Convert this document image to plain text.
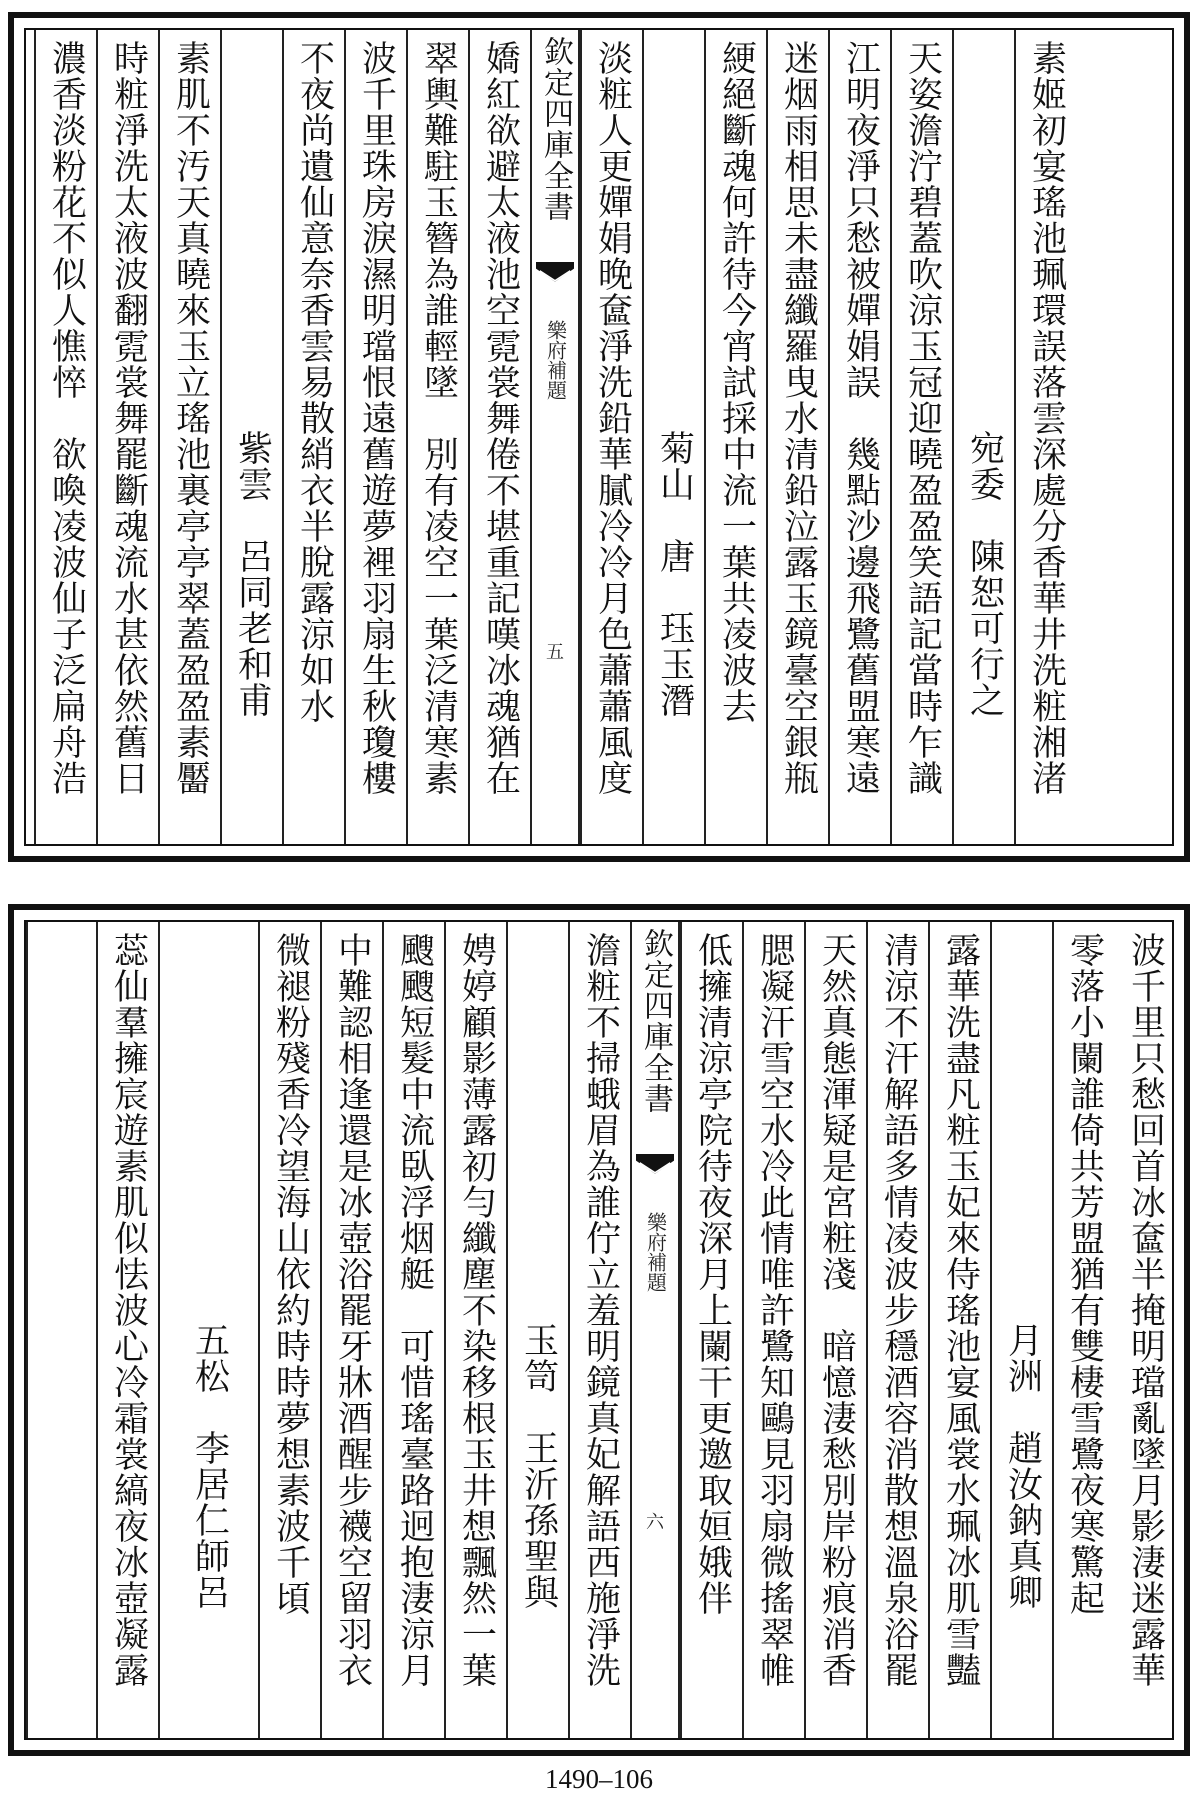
素姬初宴瑤池珮環誤落雲深處分香華井洗粧湘渚
宛委　陳恕可行之
天姿澹泞碧蓋吹涼玉冠迎曉盈盈笑語記當時乍識
江明夜淨只愁被嬋娟誤　幾點沙邊飛鷺舊盟寒遠
迷烟雨相思未盡纖羅曳水清鉛泣露玉鏡臺空銀瓶
綆絕斷魂何許待今宵試採中流一葉共凌波去
菊山　唐　珏玉潛
淡粧人更嬋娟晚奩淨洗鉛華膩冷冷月色蕭蕭風度
欽定四庫全書
樂府補題
五
嬌紅欲避太液池空霓裳舞倦不堪重記嘆冰魂猶在
翠輿難駐玉簪為誰輕墜　別有凌空一葉泛清寒素
波千里珠房淚濕明璫恨遠舊遊夢裡羽扇生秋瓊樓
不夜尚遺仙意奈香雲易散綃衣半脫露涼如水
紫雲　呂同老和甫
素肌不汚天真曉來玉立瑤池裏亭亭翠蓋盈盈素靨
時粧淨洗太液波翻霓裳舞罷斷魂流水甚依然舊日
濃香淡粉花不似人憔悴　欲喚凌波仙子泛扁舟浩
波千里只愁回首冰奩半掩明璫亂墜月影淒迷露華
零落小闌誰倚共芳盟猶有雙棲雪鷺夜寒驚起
月洲　趙汝鈉真卿
露華洗盡凡粧玉妃來侍瑤池宴風裳水珮冰肌雪豔
清涼不汗解語多情凌波步穩酒容消散想溫泉浴罷
天然真態渾疑是宮粧淺　暗憶淒愁別岸粉痕消香
腮凝汗雪空水冷此情唯許鷺知鷗見羽扇微搖翠帷
低擁清涼亭院待夜深月上闌干更邀取姮娥伴
欽定四庫全書
樂府補題
六
澹粧不掃蛾眉為誰佇立羞明鏡真妃解語西施淨洗
玉笥　王沂孫聖與
娉婷顧影薄露初勻纖塵不染移根玉井想飄然一葉
颼颼短髮中流臥浮烟艇　可惜瑤臺路迥抱淒涼月
中難認相逢還是冰壺浴罷牙牀酒醒步襪空留羽衣
微褪粉殘香冷望海山依約時時夢想素波千頃
五松　李居仁師呂
蕊仙羣擁宸遊素肌似怯波心冷霜裳縞夜冰壺凝露
1490–106
